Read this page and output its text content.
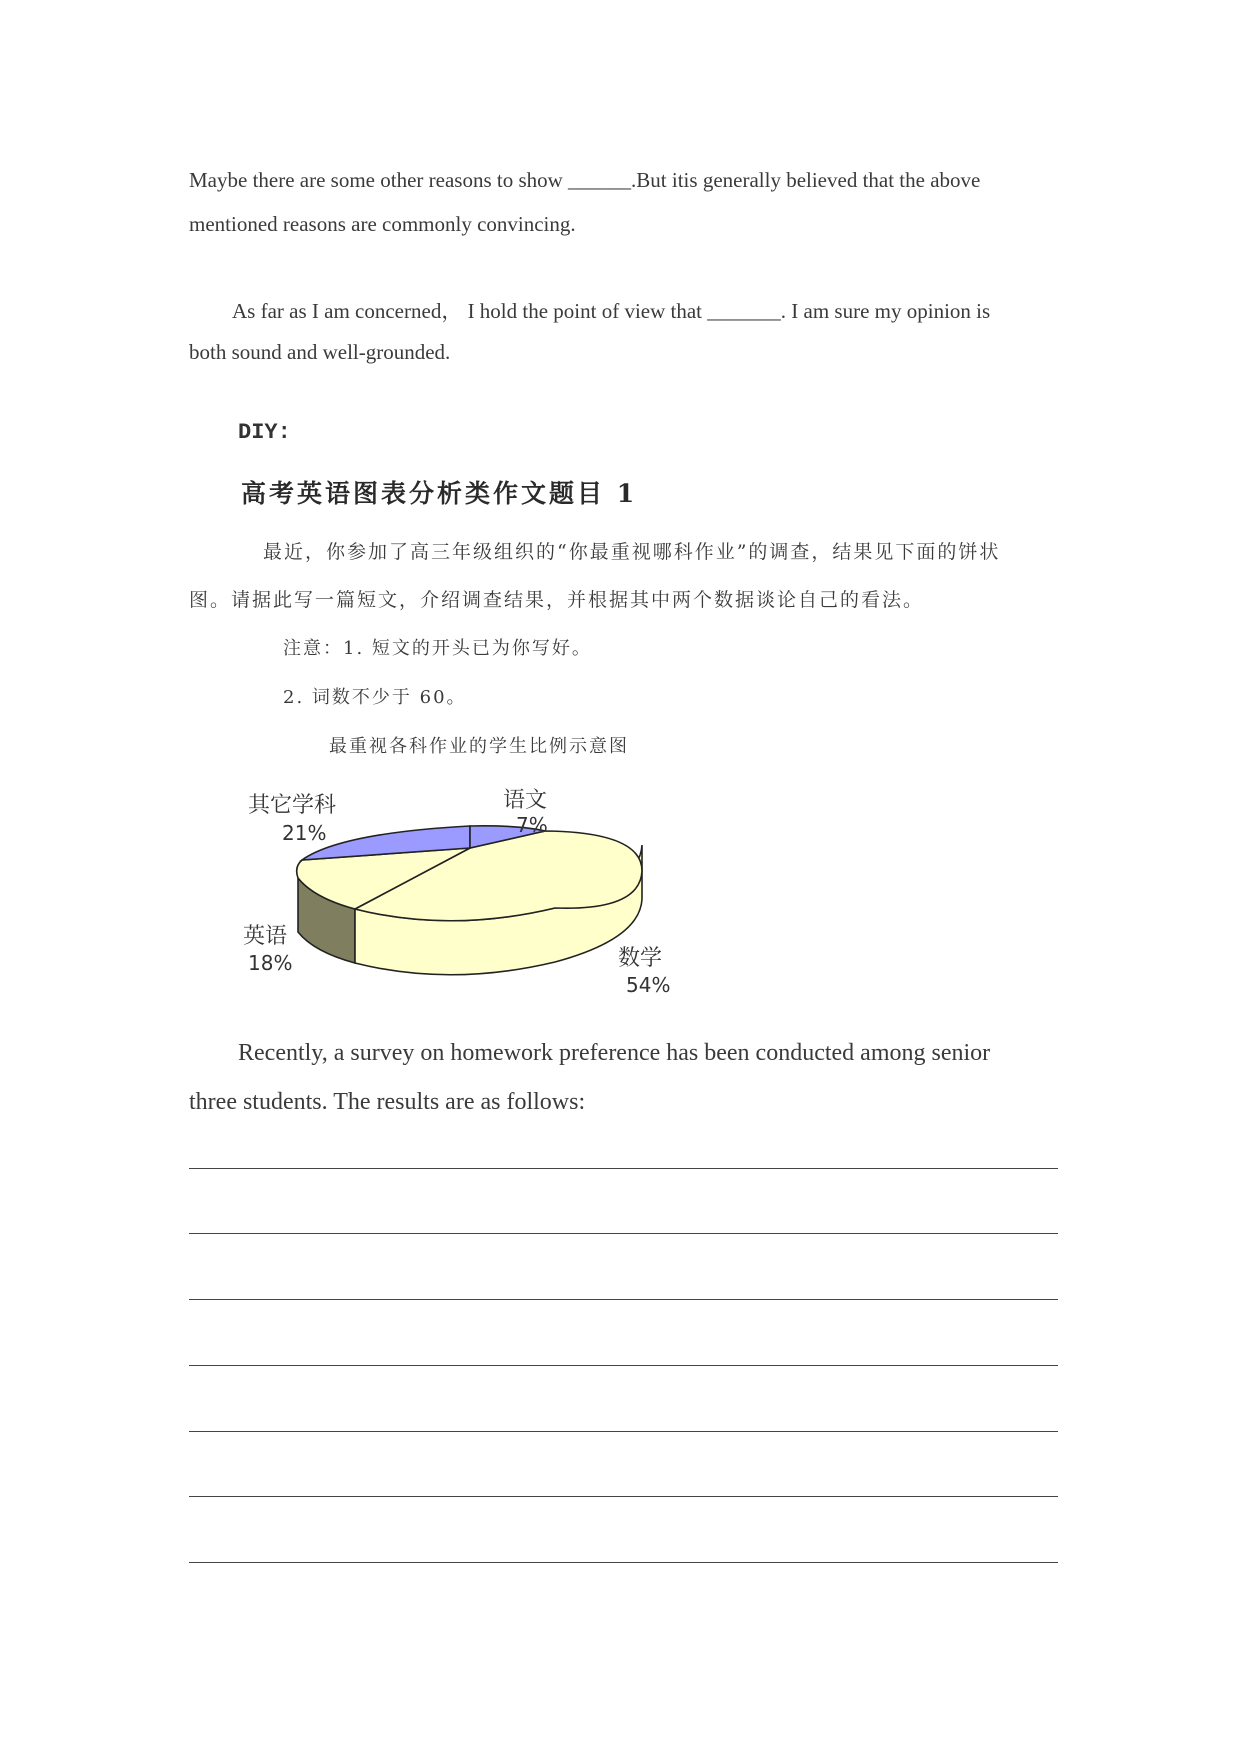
Maybe there are some other reasons to show ______.But itis generally believed that the above
mentioned reasons are commonly convincing.
As far as I am concerned， I hold the point of view that _______. I am sure my opinion is
both sound and well-grounded.
DIY:
高考英语图表分析类作文题目 1
最近，你参加了高三年级组织的“你最重视哪科作业”的调查，结果见下面的饼状
图。请据此写一篇短文，介绍调查结果，并根据其中两个数据谈论自己的看法。
注意：1. 短文的开头已为你写好。
2. 词数不少于 60。
最重视各科作业的学生比例示意图
其它学科
21%
语文
7%
英语
18%	数学
54%
Recently, a survey on homework preference has been conducted among senior
three students. The results are as follows:
